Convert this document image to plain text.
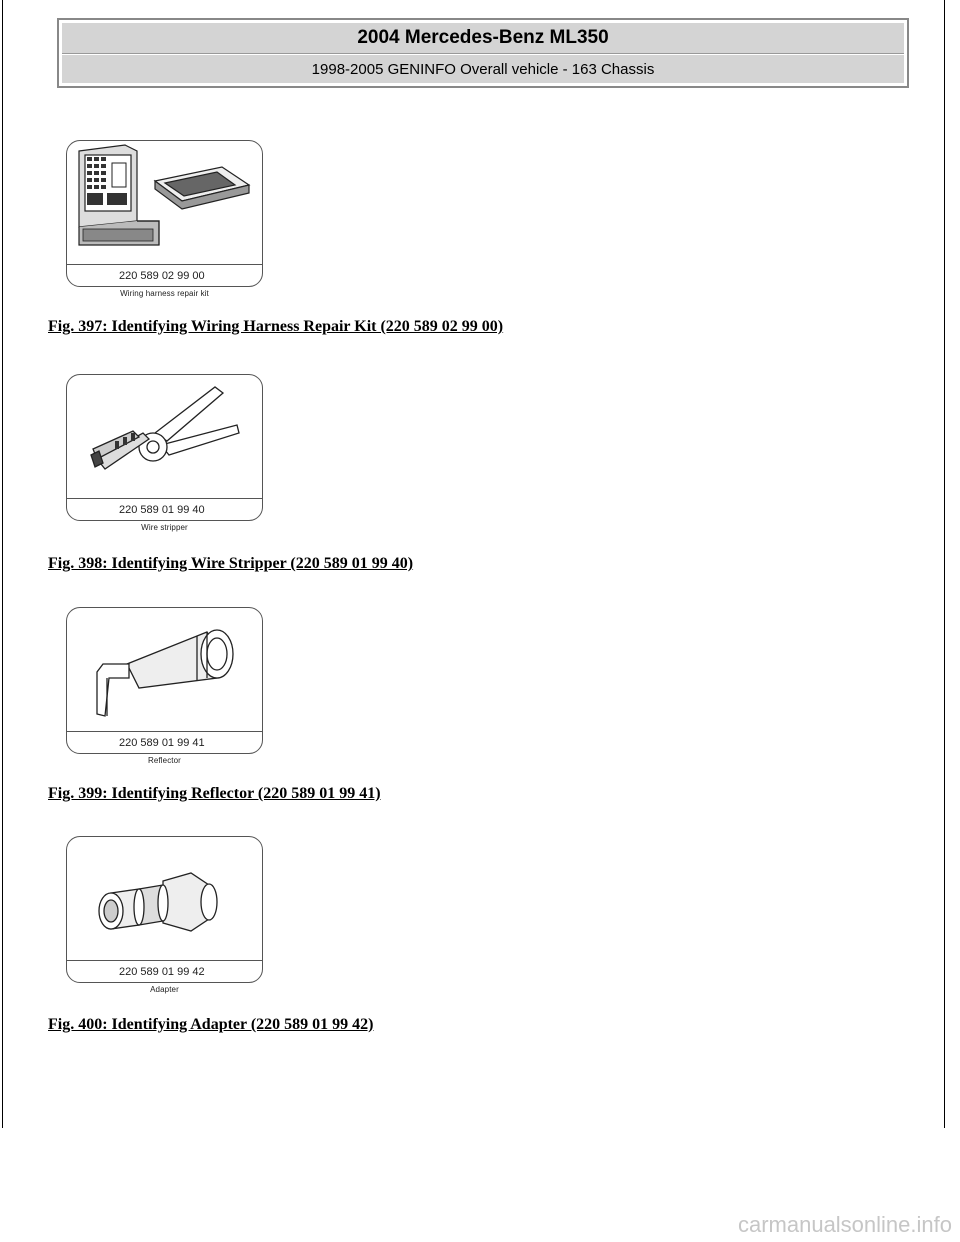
2004 Mercedes-Benz ML350
1998-2005 GENINFO Overall vehicle - 163 Chassis
220 589 02 99 00
Wiring harness repair kit
Fig. 397: Identifying Wiring Harness Repair Kit (220 589 02 99 00)
220 589 01 99 40
Wire stripper
Fig. 398: Identifying Wire Stripper (220 589 01 99 40)
220 589 01 99 41
Reflector
Fig. 399: Identifying Reflector (220 589 01 99 41)
220 589 01 99 42
Adapter
Fig. 400: Identifying Adapter (220 589 01 99 42)
carmanualsonline.info
